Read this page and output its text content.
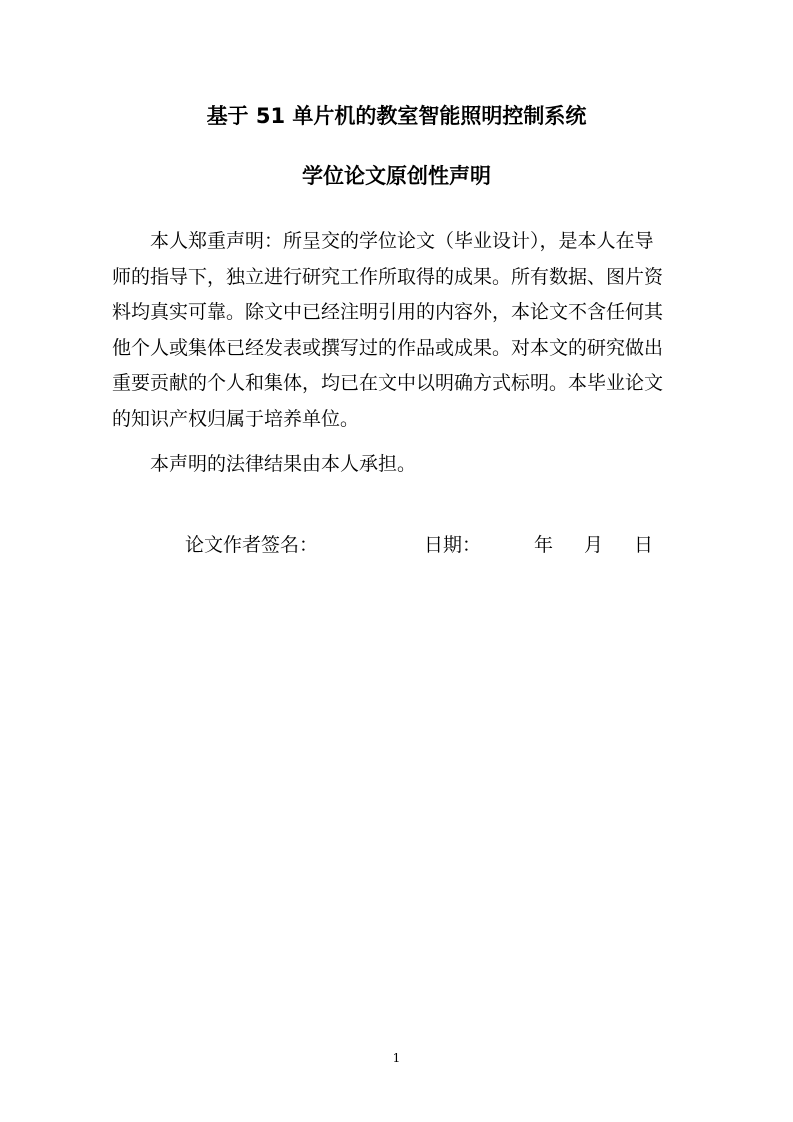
基于 51 单片机的教室智能照明控制系统
学位论文原创性声明
本人郑重声明：所呈交的学位论文（毕业设计），是本人在导
师的指导下，独立进行研究工作所取得的成果。所有数据、图片资
料均真实可靠。除文中已经注明引用的内容外，本论文不含任何其
他个人或集体已经发表或撰写过的作品或成果。对本文的研究做出
重要贡献的个人和集体，均已在文中以明确方式标明。本毕业论文
的知识产权归属于培养单位。
本声明的法律结果由本人承担。
论文作者签名：	日期：	年 月 日
1
